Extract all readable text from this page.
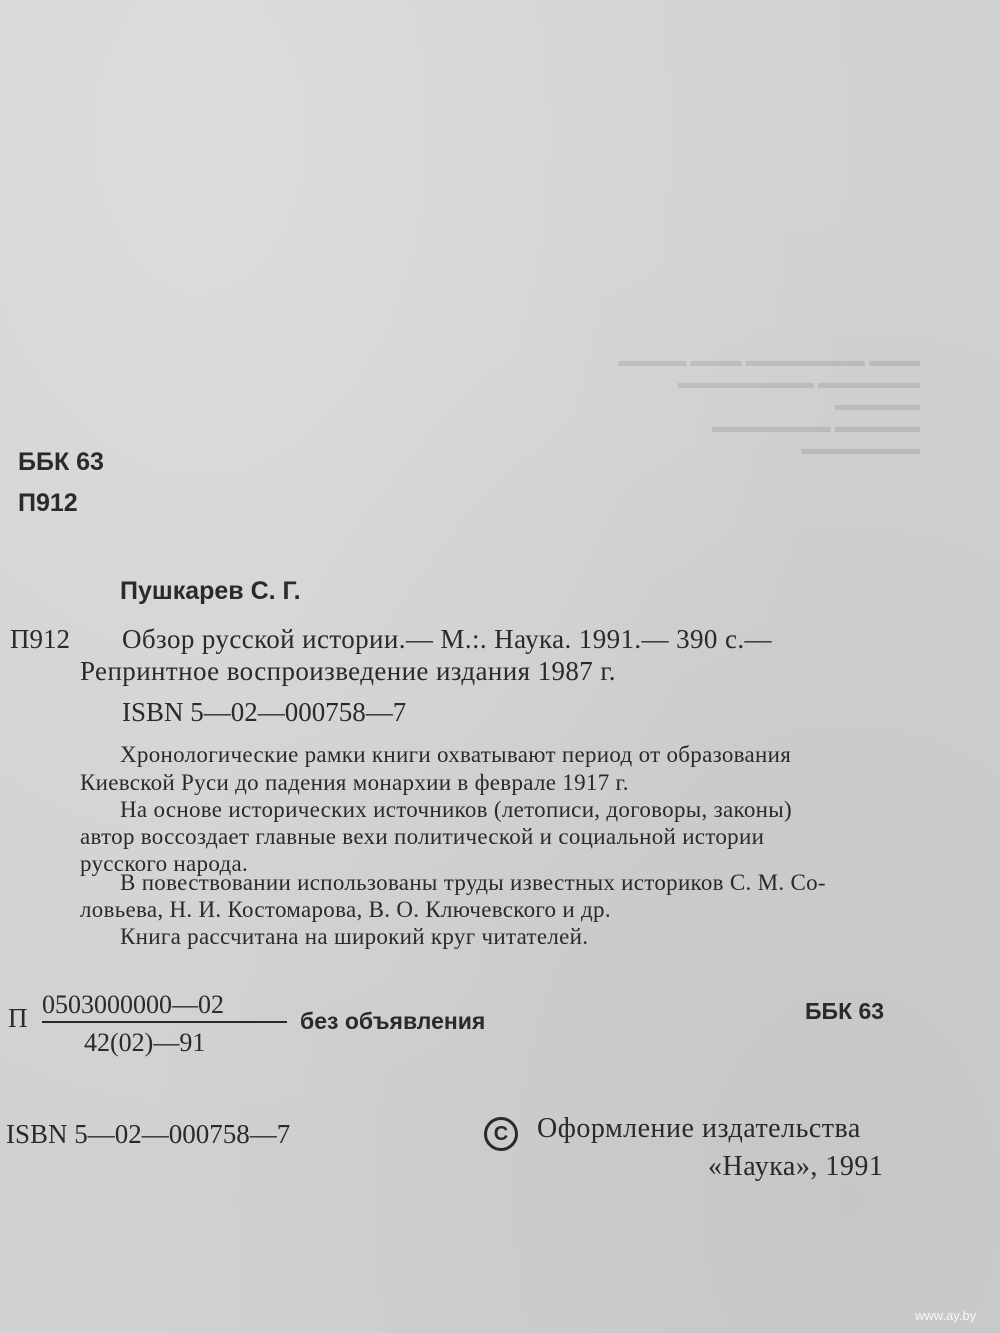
▬▬▬ ▬▬▬▬▬▬▬ ▬▬▬ ▬▬▬▬
▬▬▬▬▬▬ ▬▬▬▬▬▬▬▬ ▬▬▬▬▬
▬▬▬▬▬ ▬▬▬▬▬▬▬ ▬▬▬▬▬▬▬
ББК 63
П912
Пушкарев С. Г.
П912 Обзор русской истории.— М.:. Наука. 1991.— 390 с.—
Репринтное воспроизведение издания 1987 г.
ISBN 5—02—000758—7
Хронологические рамки книги охватывают период от образования
Киевской Руси до падения монархии в феврале 1917 г.
На основе исторических источников (летописи, договоры, законы)
автор воссоздает главные вехи политической и социальной истории
русского народа.
В повествовании использованы труды известных историков С. М. Со-
ловьева, Н. И. Костомарова, В. О. Ключевского и др.
Книга рассчитана на широкий круг читателей.
П 0503000000—02
42(02)—91
без объявления	ББК 63
ISBN 5—02—000758—7	C Оформление издательства
«Наука», 1991
www.ay.by
